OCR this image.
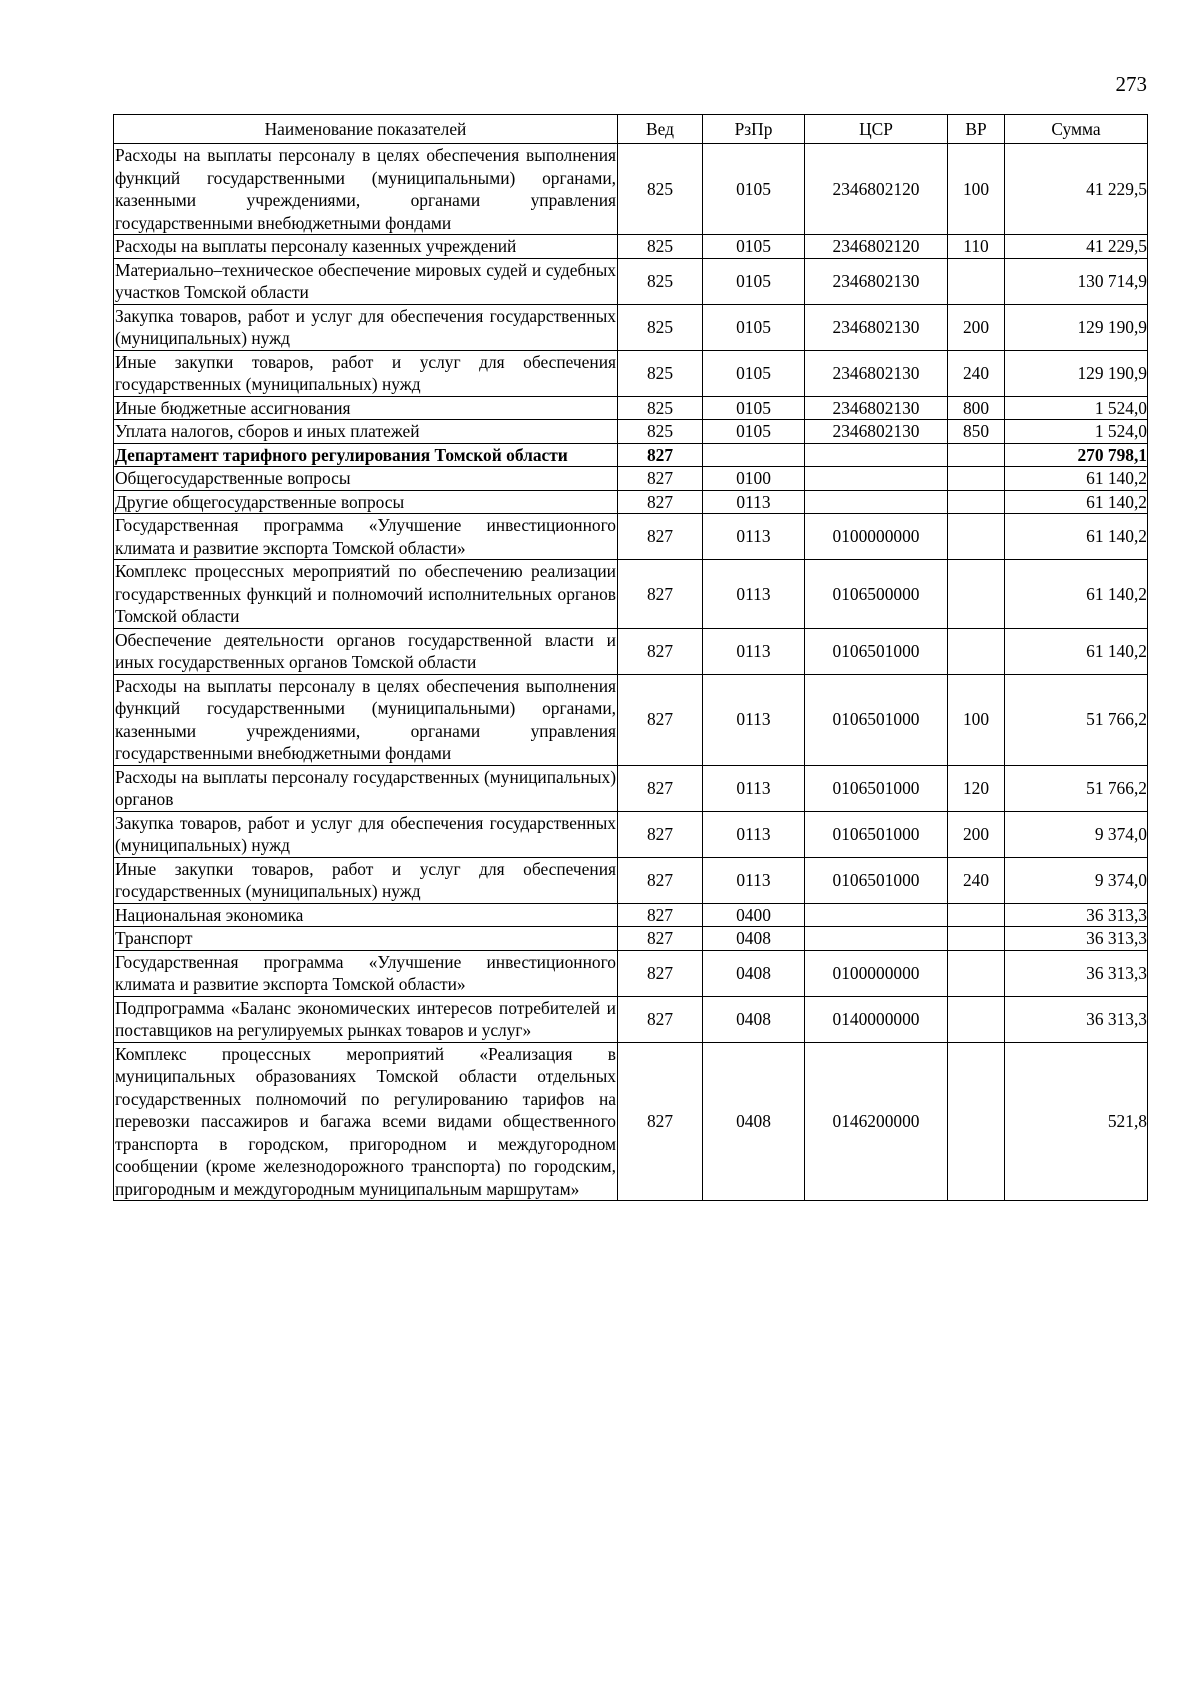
273
Наименование показателей	Вед	РзПр	ЦСР	ВР	Сумма
Расходы на выплаты персоналу в целях обеспечения выполнения функций государственными (муниципальными) органами, казенными учреждениями, органами управления государственными внебюджетными фондами	825	0105	2346802120	100	41 229,5
Расходы на выплаты персоналу казенных учреждений	825	0105	2346802120	110	41 229,5
Материально–техническое обеспечение мировых судей и судебных участков Томской области	825	0105	2346802130		130 714,9
Закупка товаров, работ и услуг для обеспечения государственных (муниципальных) нужд	825	0105	2346802130	200	129 190,9
Иные закупки товаров, работ и услуг для обеспечения государственных (муниципальных) нужд	825	0105	2346802130	240	129 190,9
Иные бюджетные ассигнования	825	0105	2346802130	800	1 524,0
Уплата налогов, сборов и иных платежей	825	0105	2346802130	850	1 524,0
Департамент тарифного регулирования Томской области	827				270 798,1
Общегосударственные вопросы	827	0100			61 140,2
Другие общегосударственные вопросы	827	0113			61 140,2
Государственная программа «Улучшение инвестиционного климата и развитие экспорта Томской области»	827	0113	0100000000		61 140,2
Комплекс процессных мероприятий по обеспечению реализации государственных функций и полномочий исполнительных органов Томской области	827	0113	0106500000		61 140,2
Обеспечение деятельности органов государственной власти и иных государственных органов Томской области	827	0113	0106501000		61 140,2
Расходы на выплаты персоналу в целях обеспечения выполнения функций государственными (муниципальными) органами, казенными учреждениями, органами управления государственными внебюджетными фондами	827	0113	0106501000	100	51 766,2
Расходы на выплаты персоналу государственных (муниципальных) органов	827	0113	0106501000	120	51 766,2
Закупка товаров, работ и услуг для обеспечения государственных (муниципальных) нужд	827	0113	0106501000	200	9 374,0
Иные закупки товаров, работ и услуг для обеспечения государственных (муниципальных) нужд	827	0113	0106501000	240	9 374,0
Национальная экономика	827	0400			36 313,3
Транспорт	827	0408			36 313,3
Государственная программа «Улучшение инвестиционного климата и развитие экспорта Томской области»	827	0408	0100000000		36 313,3
Подпрограмма «Баланс экономических интересов потребителей и поставщиков на регулируемых рынках товаров и услуг»	827	0408	0140000000		36 313,3
Комплекс процессных мероприятий «Реализация в муниципальных образованиях Томской области отдельных государственных полномочий по регулированию тарифов на перевозки пассажиров и багажа всеми видами общественного транспорта в городском, пригородном и междугородном сообщении (кроме железнодорожного транспорта) по городским, пригородным и междугородным муниципальным маршрутам»	827	0408	0146200000		521,8
